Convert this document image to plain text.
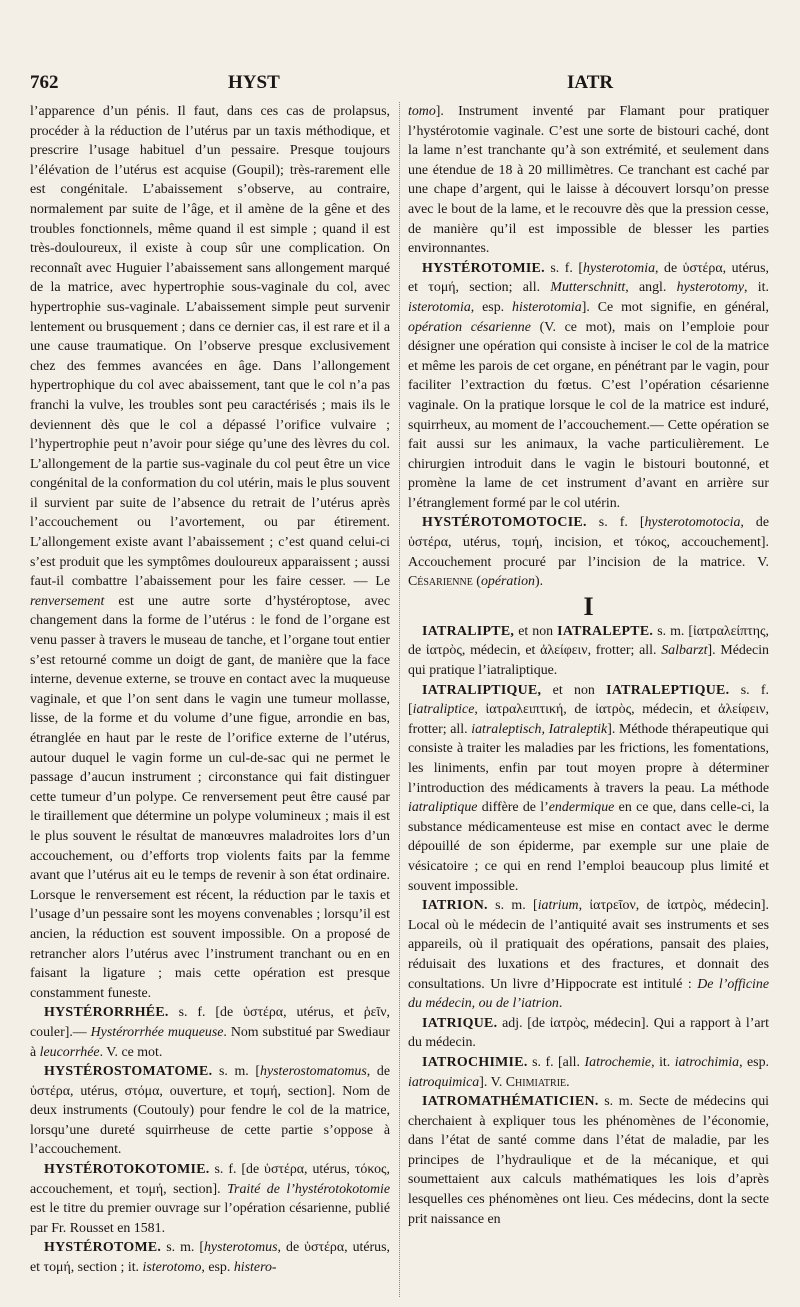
762	HYST	IATR

l’apparence d’un pénis. Il faut, dans ces cas de prolapsus, procéder à la réduction de l’utérus par un taxis méthodique, et prescrire l’usage habituel d’un pessaire. Presque toujours l’élévation de l’utérus est acquise (Goupil); très-rarement elle est congénitale. L’abaissement s’observe, au contraire, normalement par suite de l’âge, et il amène de la gêne et des troubles fonctionnels, même quand il est simple ; quand il est très-douloureux, il existe à coup sûr une complication. On reconnaît avec Huguier l’abaissement sans allongement marqué de la matrice, avec hypertrophie sous-vaginale du col, avec hypertrophie sus-vaginale. L’abaissement simple peut survenir lentement ou brusquement ; dans ce dernier cas, il est rare et il a une cause traumatique. On l’observe presque exclusivement chez des femmes avancées en âge. Dans l’allongement hypertrophique du col avec abaissement, tant que le col n’a pas franchi la vulve, les troubles sont peu caractérisés ; mais ils le deviennent dès que le col a dépassé l’orifice vulvaire ; l’hypertrophie peut n’avoir pour siége qu’une des lèvres du col. L’allongement de la partie sus-vaginale du col peut être un vice congénital de la conformation du col utérin, mais le plus souvent il survient par suite de l’absence du retrait de l’utérus après l’accouchement ou l’avortement, ou par étirement. L’allongement existe avant l’abaissement ; c’est quand celui-ci s’est produit que les symptômes douloureux apparaissent ; aussi faut-il combattre l’abaissement pour les faire cesser. — Le renversement est une autre sorte d’hystéroptose, avec changement dans la forme de l’utérus : le fond de l’organe est venu passer à travers le museau de tanche, et l’organe tout entier s’est retourné comme un doigt de gant, de manière que la face interne, devenue externe, se trouve en contact avec la muqueuse vaginale, et que l’on sent dans le vagin une tumeur mollasse, lisse, de la forme et du volume d’une figue, arrondie en bas, étranglée en haut par le reste de l’orifice externe de l’utérus, autour duquel le vagin forme un cul-de-sac qui ne permet le passage d’aucun instrument ; circonstance qui fait distinguer cette tumeur d’un polype. Ce renversement peut être causé par le tiraillement que détermine un polype volumineux ; mais il est le plus souvent le résultat de manœuvres maladroites lors d’un accouchement, ou d’efforts trop violents faits par la femme avant que l’utérus ait eu le temps de revenir à son état ordinaire. Lorsque le renversement est récent, la réduction par le taxis et l’usage d’un pessaire sont les moyens convenables ; lorsqu’il est ancien, la réduction est souvent impossible. On a proposé de retrancher alors l’utérus avec l’instrument tranchant ou en en faisant la ligature ; mais cette opération est presque constamment funeste.

HYSTÉRORRHÉE. s. f. [de ὑστέρα, utérus, et ῥεῖν, couler].— Hystérorrhée muqueuse. Nom substitué par Swediaur à leucorrhée. V. ce mot.

HYSTÉROSTOMATOME. s. m. [hysterostomatomus, de ὑστέρα, utérus, στόμα, ouverture, et τομή, section]. Nom de deux instruments (Coutouly) pour fendre le col de la matrice, lorsqu’une dureté squirrheuse de cette partie s’oppose à l’accouchement.

HYSTÉROTOKOTOMIE. s. f. [de ὑστέρα, utérus, τόκος, accouchement, et τομή, section]. Traité de l’hystérotokotomie est le titre du premier ouvrage sur l’opération césarienne, publié par Fr. Rousset en 1581.

HYSTÉROTOME. s. m. [hysterotomus, de ὑστέρα, utérus, et τομή, section ; it. isterotomo, esp. histero-

tomo]. Instrument inventé par Flamant pour pratiquer l’hystérotomie vaginale. C’est une sorte de bistouri caché, dont la lame n’est tranchante qu’à son extrémité, et seulement dans une étendue de 18 à 20 millimètres. Ce tranchant est caché par une chape d’argent, qui le laisse à découvert lorsqu’on presse avec le bout de la lame, et le recouvre dès que la pression cesse, de manière qu’il est impossible de blesser les parties environnantes.

HYSTÉROTOMIE. s. f. [hysterotomia, de ὑστέρα, utérus, et τομή, section; all. Mutterschnitt, angl. hysterotomy, it. isterotomia, esp. histerotomia]. Ce mot signifie, en général, opération césarienne (V. ce mot), mais on l’emploie pour désigner une opération qui consiste à inciser le col de la matrice et même les parois de cet organe, en pénétrant par le vagin, pour faciliter l’extraction du fœtus. C’est l’opération césarienne vaginale. On la pratique lorsque le col de la matrice est induré, squirrheux, au moment de l’accouchement.— Cette opération se fait aussi sur les animaux, la vache particulièrement. Le chirurgien introduit dans le vagin le bistouri boutonné, et promène la lame de cet instrument d’avant en arrière sur l’étranglement formé par le col utérin.

HYSTÉROTOMOTOCIE. s. f. [hysterotomotocia, de ὑστέρα, utérus, τομή, incision, et τόκος, accouchement]. Accouchement procuré par l’incision de la matrice. V. Césarienne (opération).

I

IATRALIPTE, et non IATRALEPTE. s. m. [ἰατραλείπτης, de ἰατρὸς, médecin, et ἀλείφειν, frotter; all. Salbarzt]. Médecin qui pratique l’iatraliptique.

IATRALIPTIQUE, et non IATRALEPTIQUE. s. f. [iatraliptice, ἰατραλειπτική, de ἰατρὸς, médecin, et ἀλείφειν, frotter; all. iatraleptisch, Iatraleptik]. Méthode thérapeutique qui consiste à traiter les maladies par les frictions, les fomentations, les liniments, enfin par tout moyen propre à déterminer l’introduction des médicaments à travers la peau. La méthode iatraliptique diffère de l’endermique en ce que, dans celle-ci, la substance médicamenteuse est mise en contact avec le derme dépouillé de son épiderme, par exemple sur une plaie de vésicatoire ; ce qui en rend l’emploi beaucoup plus limité et souvent impossible.

IATRION. s. m. [iatrium, ἰατρεῖον, de ἰατρὸς, médecin]. Local où le médecin de l’antiquité avait ses instruments et ses appareils, où il pratiquait des opérations, pansait des plaies, réduisait des luxations et des fractures, et donnait des consultations. Un livre d’Hippocrate est intitulé : De l’officine du médecin, ou de l’iatrion.

IATRIQUE. adj. [de ἰατρὸς, médecin]. Qui a rapport à l’art du médecin.

IATROCHIMIE. s. f. [all. Iatrochemie, it. iatrochimia, esp. iatroquimica]. V. Chimiatrie.

IATROMATHÉMATICIEN. s. m. Secte de médecins qui cherchaient à expliquer tous les phénomènes de l’économie, dans l’état de santé comme dans l’état de maladie, par les principes de l’hydraulique et de la mécanique, et qui soumettaient aux calculs mathématiques les lois d’après lesquelles ces phénomènes ont lieu. Ces médecins, dont la secte prit naissance en
